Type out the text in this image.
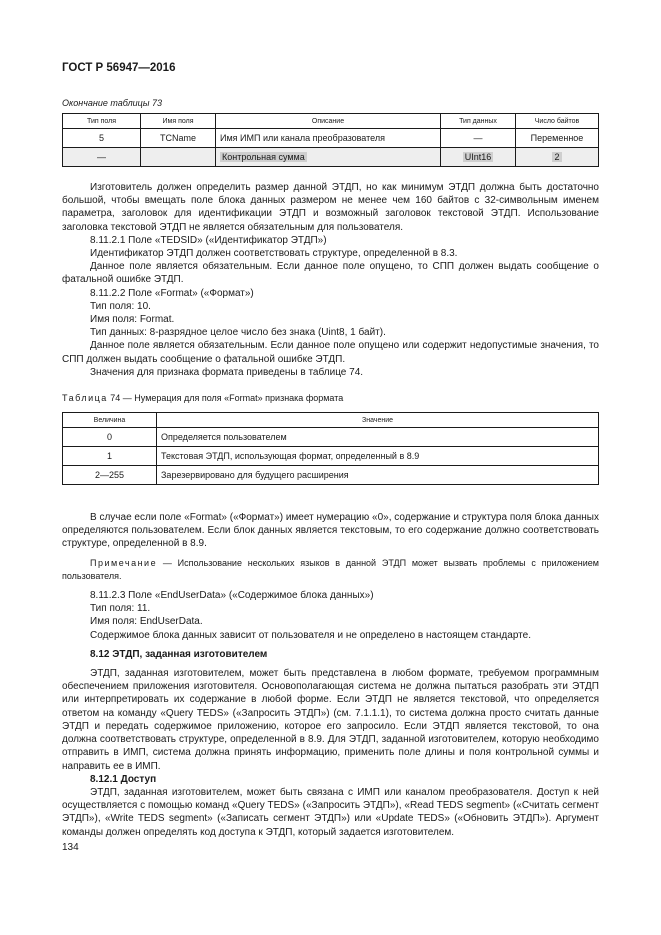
ГОСТ Р 56947—2016
Окончание таблицы 73
Тип поля	Имя поля	Описание	Тип данных	Число байтов
5	TCName	Имя ИМП или канала преобразователя	—	Переменное
—		Контрольная сумма	UInt16	2

Изготовитель должен определить размер данной ЭТДП, но как минимум ЭТДП должна быть достаточно большой, чтобы вмещать поле блока данных размером не менее чем 160 байтов с 32-символьным именем параметра, заголовок для идентификации ЭТДП и возможный заголовок текстовой ЭТДП. Использование заголовка текстовой ЭТДП не является обязательным для пользователя.

8.11.2.1 Поле «TEDSID» («Идентификатор ЭТДП»)

Идентификатор ЭТДП должен соответствовать структуре, определенной в 8.3.

Данное поле является обязательным. Если данное поле опущено, то СПП должен выдать сообщение о фатальной ошибке ЭТДП.

8.11.2.2 Поле «Format» («Формат»)

Тип поля: 10.

Имя поля: Format.

Тип данных: 8-разрядное целое число без знака (Uint8, 1 байт).

Данное поле является обязательным. Если данное поле опущено или содержит недопустимые значения, то СПП должен выдать сообщение о фатальной ошибке ЭТДП.

Значения для признака формата приведены в таблице 74.

В случае если поле «Format» («Формат») имеет нумерацию «0», содержание и структура поля блока данных определяются пользователем. Если блок данных является текстовым, то его содержание должно соответствовать структуре, определенной в 8.9.

Примечание — Использование нескольких языков в данной ЭТДП может вызвать проблемы с приложением пользователя.

8.11.2.3 Поле «EndUserData» («Содержимое блока данных»)

Тип поля: 11.

Имя поля: EndUserData.

Содержимое блока данных зависит от пользователя и не определено в настоящем стандарте.

8.12 ЭТДП, заданная изготовителем

ЭТДП, заданная изготовителем, может быть представлена в любом формате, требуемом программным обеспечением приложения изготовителя. Основополагающая система не должна пытаться разобрать эти ЭТДП или интерпретировать их содержание в любой форме. Если ЭТДП не является текстовой, что определяется ответом на команду «Query TEDS» («Запросить ЭТДП») (см. 7.1.1.1), то система должна просто считать данные ЭТДП и передать содержимое приложению, которое его запросило. Если ЭТДП является текстовой, то она должна соответствовать структуре, определенной в 8.9. Для ЭТДП, заданной изготовителем, которую необходимо отправить в ИМП, система должна принять информацию, применить поле длины и поля контрольной суммы и направить ее в ИМП.

8.12.1 Доступ

ЭТДП, заданная изготовителем, может быть связана с ИМП или каналом преобразователя. Доступ к ней осуществляется с помощью команд «Query TEDS» («Запросить ЭТДП»), «Read TEDS segment» («Считать сегмент ЭТДП»), «Write TEDS segment» («Записать сегмент ЭТДП») или «Update TEDS» («Обновить ЭТДП»). Аргумент команды должен определять код доступа к ЭТДП, который задается изготовителем.

Таблица 74 — Нумерация для поля «Format» признака формата
Величина	Значение
0	Определяется пользователем
1	Текстовая ЭТДП, использующая формат, определенный в 8.9
2—255	Зарезервировано для будущего расширения
134
